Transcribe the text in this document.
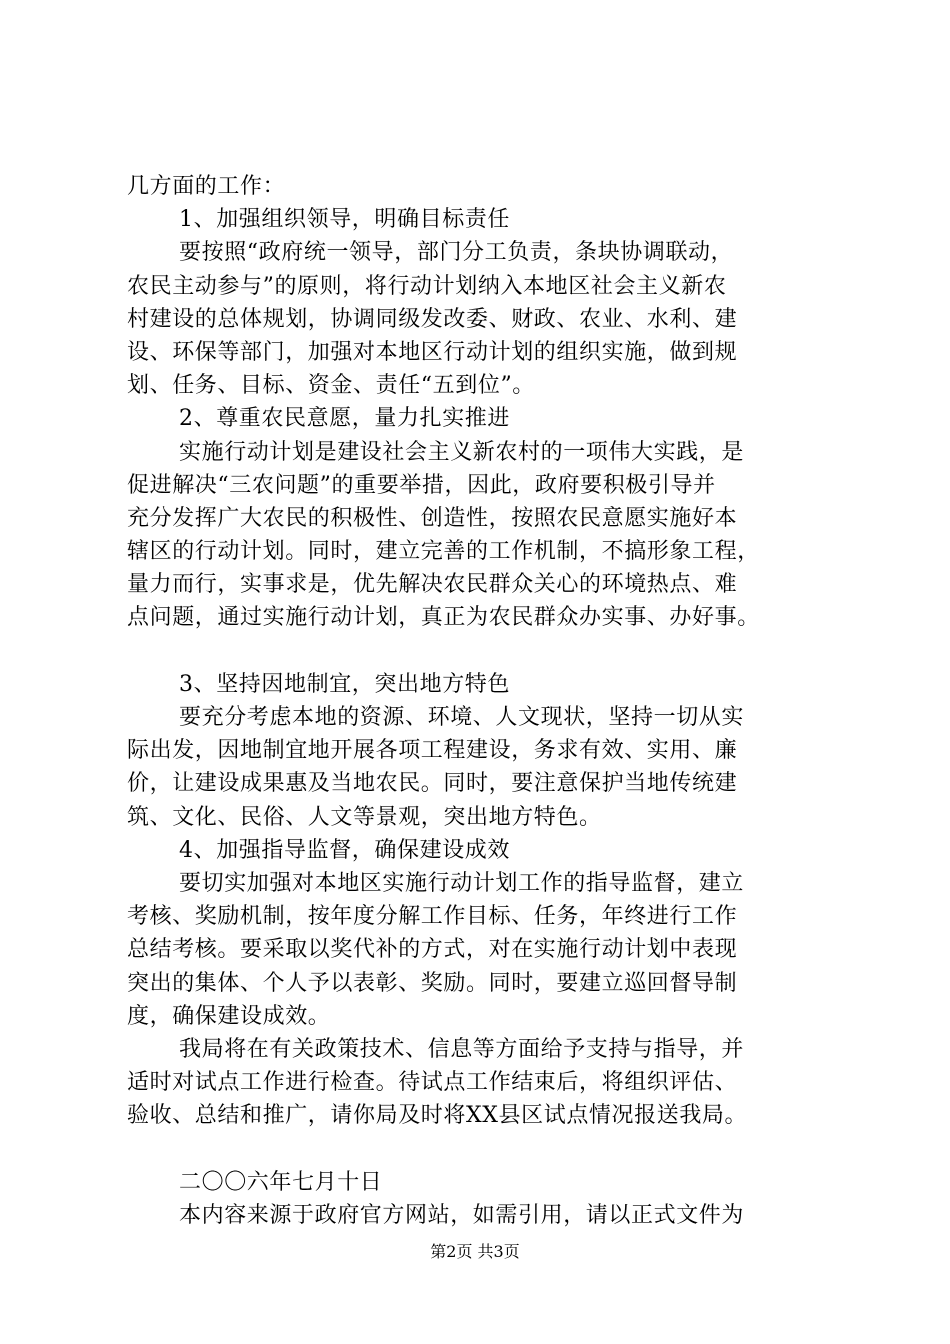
几方面的工作：
1、加强组织领导，明确目标责任
要按照“政府统一领导，部门分工负责，条块协调联动，
农民主动参与”的原则，将行动计划纳入本地区社会主义新农
村建设的总体规划，协调同级发改委、财政、农业、水利、建
设、环保等部门，加强对本地区行动计划的组织实施，做到规
划、任务、目标、资金、责任“五到位”。
2、尊重农民意愿，量力扎实推进
实施行动计划是建设社会主义新农村的一项伟大实践，是
促进解决“三农问题”的重要举措，因此，政府要积极引导并
充分发挥广大农民的积极性、创造性，按照农民意愿实施好本
辖区的行动计划。同时，建立完善的工作机制，不搞形象工程，
量力而行，实事求是，优先解决农民群众关心的环境热点、难
点问题，通过实施行动计划，真正为农民群众办实事、办好事。
3、坚持因地制宜，突出地方特色
要充分考虑本地的资源、环境、人文现状，坚持一切从实
际出发，因地制宜地开展各项工程建设，务求有效、实用、廉
价，让建设成果惠及当地农民。同时，要注意保护当地传统建
筑、文化、民俗、人文等景观，突出地方特色。
4、加强指导监督，确保建设成效
要切实加强对本地区实施行动计划工作的指导监督，建立
考核、奖励机制，按年度分解工作目标、任务，年终进行工作
总结考核。要采取以奖代补的方式，对在实施行动计划中表现
突出的集体、个人予以表彰、奖励。同时，要建立巡回督导制
度，确保建设成效。
我局将在有关政策技术、信息等方面给予支持与指导，并
适时对试点工作进行检查。待试点工作结束后，将组织评估、
验收、总结和推广，请你局及时将XX县区试点情况报送我局。
二〇〇六年七月十日
本内容来源于政府官方网站，如需引用，请以正式文件为
第2页 共3页
